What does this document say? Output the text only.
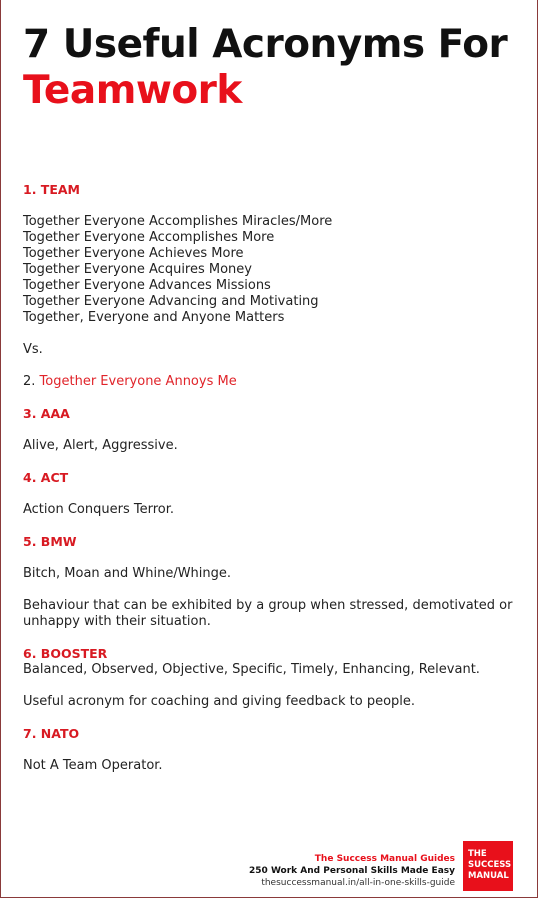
7 Useful Acronyms For
Teamwork
1. TEAM
Together Everyone Accomplishes Miracles/More
Together Everyone Accomplishes More
Together Everyone Achieves More
Together Everyone Acquires Money
Together Everyone Advances Missions
Together Everyone Advancing and Motivating
Together, Everyone and Anyone Matters
Vs.
2. Together Everyone Annoys Me
3. AAA
Alive, Alert, Aggressive.
4. ACT
Action Conquers Terror.
5. BMW
Bitch, Moan and Whine/Whinge.
Behaviour that can be exhibited by a group when stressed, demotivated or unhappy with their situation.
6. BOOSTER
Balanced, Observed, Objective, Specific, Timely, Enhancing, Relevant.
Useful acronym for coaching and giving feedback to people.
7. NATO
Not A Team Operator.
The Success Manual Guides
250 Work And Personal Skills Made Easy
thesuccessmanual.in/all-in-one-skills-guide
THE
SUCCESS
MANUAL
